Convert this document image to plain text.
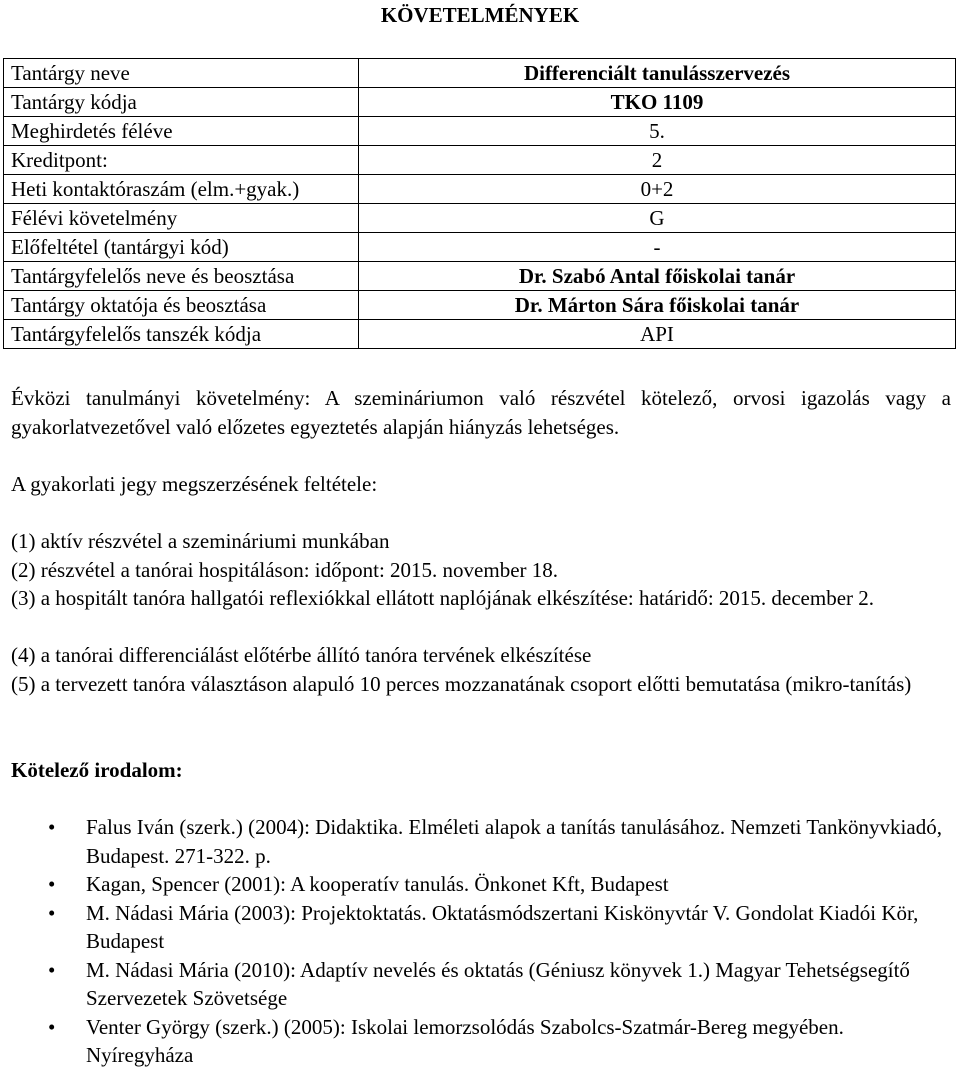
KÖVETELMÉNYEK
Tantárgy neve	Differenciált tanulásszervezés
Tantárgy kódja	TKO 1109
Meghirdetés féléve	5.
Kreditpont:	2
Heti kontaktóraszám (elm.+gyak.)	0+2
Félévi követelmény	G
Előfeltétel (tantárgyi kód)	-
Tantárgyfelelős neve és beosztása	Dr. Szabó Antal főiskolai tanár
Tantárgy oktatója és beosztása	Dr. Márton Sára főiskolai tanár
Tantárgyfelelős tanszék kódja	API
Évközi tanulmányi követelmény: A szemináriumon való részvétel kötelező, orvosi igazolás vagy a gyakorlatvezetővel való előzetes egyeztetés alapján hiányzás lehetséges.
A gyakorlati jegy megszerzésének feltétele:
(1) aktív részvétel a szemináriumi munkában
(2) részvétel a tanórai hospitáláson: időpont: 2015. november 18.
(3) a hospitált tanóra hallgatói reflexiókkal ellátott naplójának elkészítése: határidő: 2015. december 2.
(4) a tanórai differenciálást előtérbe állító tanóra tervének elkészítése
(5) a tervezett tanóra választáson alapuló 10 perces mozzanatának csoport előtti bemutatása (mikro-tanítás)
Kötelező irodalom:
• Falus Iván (szerk.) (2004): Didaktika. Elméleti alapok a tanítás tanulásához. Nemzeti Tankönyvkiadó, Budapest. 271-322. p.
• Kagan, Spencer (2001): A kooperatív tanulás. Önkonet Kft, Budapest
• M. Nádasi Mária (2003): Projektoktatás. Oktatásmódszertani Kiskönyvtár V. Gondolat Kiadói Kör, Budapest
• M. Nádasi Mária (2010): Adaptív nevelés és oktatás (Géniusz könyvek 1.) Magyar Tehetségsegítő Szervezetek Szövetsége
• Venter György (szerk.) (2005): Iskolai lemorzsolódás Szabolcs-Szatmár-Bereg megyében. Nyíregyháza
